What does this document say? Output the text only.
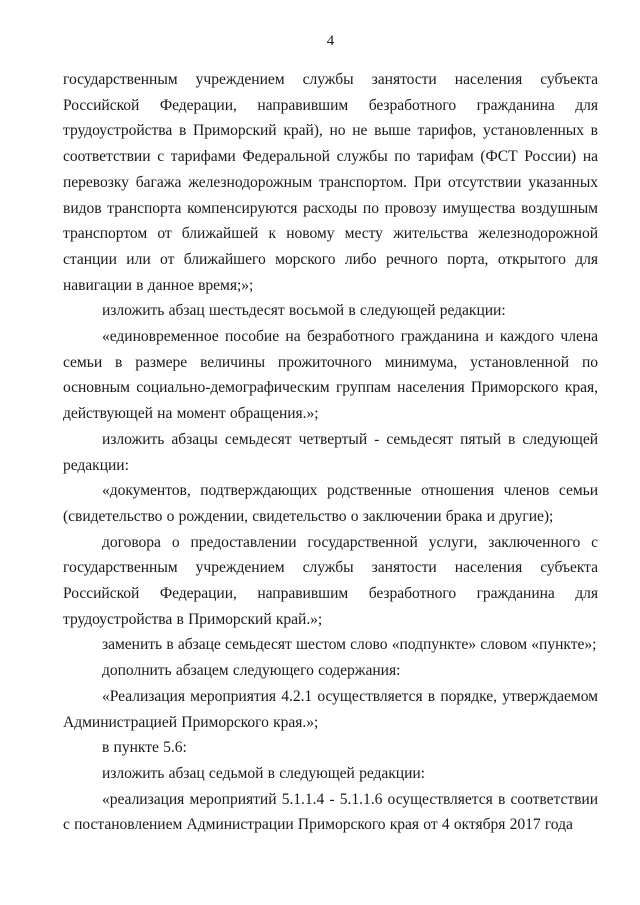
4

государственным учреждением службы занятости населения субъекта Российской Федерации, направившим безработного гражданина для трудоустройства в Приморский край), но не выше тарифов, установленных в соответствии с тарифами Федеральной службы по тарифам (ФСТ России) на перевозку багажа железнодорожным транспортом. При отсутствии указанных видов транспорта компенсируются расходы по провозу имущества воздушным транспортом от ближайшей к новому месту жительства железнодорожной станции или от ближайшего морского либо речного порта, открытого для навигации в данное время;»;

изложить абзац шестьдесят восьмой в следующей редакции:

«единовременное пособие на безработного гражданина и каждого члена семьи в размере величины прожиточного минимума, установленной по основным социально-демографическим группам населения Приморского края, действующей на момент обращения.»;

изложить абзацы семьдесят четвертый - семьдесят пятый в следующей редакции:

«документов, подтверждающих родственные отношения членов семьи (свидетельство о рождении, свидетельство о заключении брака и другие);

договора о предоставлении государственной услуги, заключенного с государственным учреждением службы занятости населения субъекта Российской Федерации, направившим безработного гражданина для трудоустройства в Приморский край.»;

заменить в абзаце семьдесят шестом слово «подпункте» словом «пункте»;

дополнить абзацем следующего содержания:

«Реализация мероприятия 4.2.1 осуществляется в порядке, утверждаемом Администрацией Приморского края.»;

в пункте 5.6:

изложить абзац седьмой в следующей редакции:

«реализация мероприятий 5.1.1.4 - 5.1.1.6 осуществляется в соответствии с постановлением Администрации Приморского края от 4 октября 2017 года
